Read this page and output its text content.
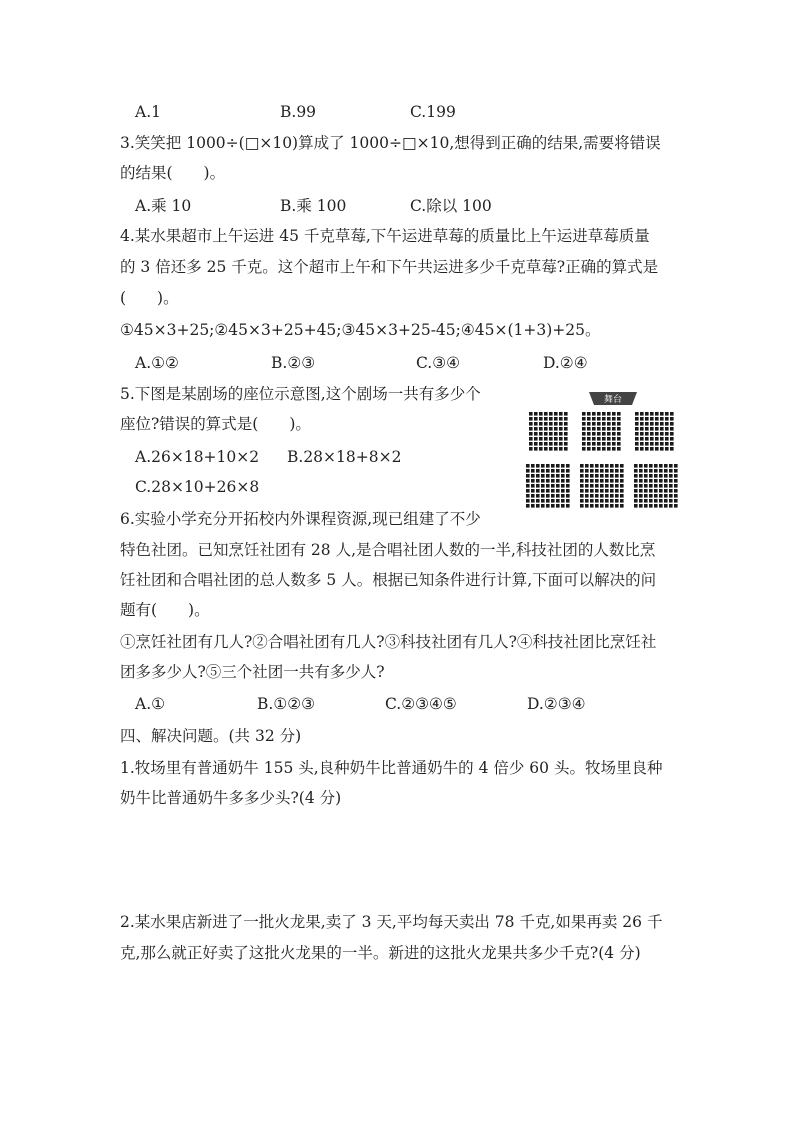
A.1	B.99	C.199
3.笑笑把 1000÷(□×10)算成了 1000÷□×10,想得到正确的结果,需要将错误
的结果(　　)。
A.乘 10	B.乘 100	C.除以 100
4.某水果超市上午运进 45 千克草莓,下午运进草莓的质量比上午运进草莓质量
的 3 倍还多 25 千克。这个超市上午和下午共运进多少千克草莓?正确的算式是
(　　)。
①45×3+25;②45×3+25+45;③45×3+25-45;④45×(1+3)+25。
A.①②	B.②③	C.③④	D.②④
5.下图是某剧场的座位示意图,这个剧场一共有多少个
座位?错误的算式是(　　)。
A.26×18+10×2 B.28×18+8×2
C.28×10+26×8
舞台
6.实验小学充分开拓校内外课程资源,现已组建了不少
特色社团。已知烹饪社团有 28 人,是合唱社团人数的一半,科技社团的人数比烹
饪社团和合唱社团的总人数多 5 人。根据已知条件进行计算,下面可以解决的问
题有(　　)。
①烹饪社团有几人?②合唱社团有几人?③科技社团有几人?④科技社团比烹饪社
团多多少人?⑤三个社团一共有多少人?
A.①	B.①②③	C.②③④⑤	D.②③④
四、解决问题。(共 32 分)
1.牧场里有普通奶牛 155 头,良种奶牛比普通奶牛的 4 倍少 60 头。牧场里良种
奶牛比普通奶牛多多少头?(4 分)
2.某水果店新进了一批火龙果,卖了 3 天,平均每天卖出 78 千克,如果再卖 26 千
克,那么就正好卖了这批火龙果的一半。新进的这批火龙果共多少千克?(4 分)
